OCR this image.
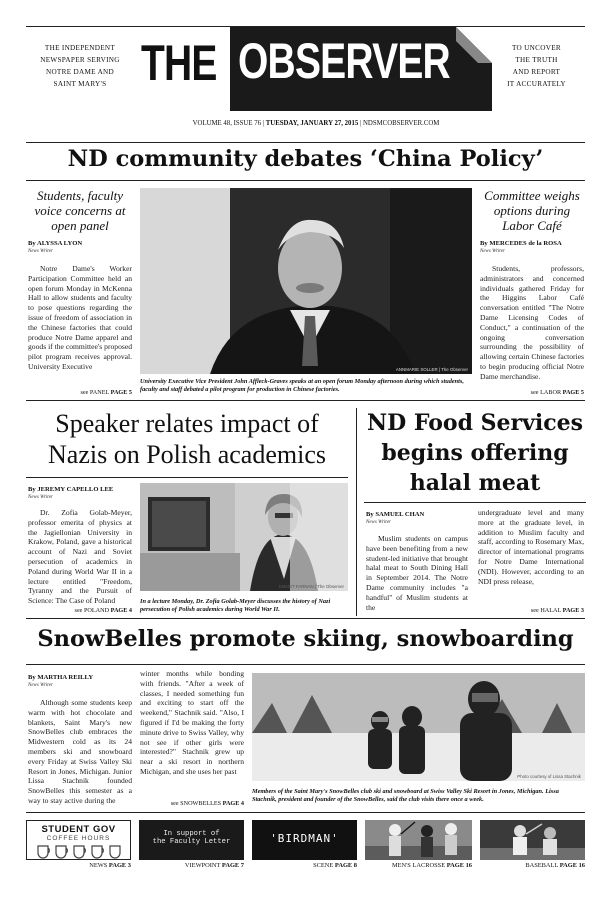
THE INDEPENDENT
NEWSPAPER SERVING
NOTRE DAME AND
SAINT MARY'S THE OBSERVER	TO UNCOVER
THE TRUTH
AND REPORT
IT ACCURATELY
VOLUME 48, ISSUE 76 | TUESDAY, JANUARY 27, 2015 | NDSMCOBSERVER.COM
ND community debates ‘China Policy’
Students, faculty voice concerns at open panel
By ALYSSA LYON
News Writer
Notre Dame's Worker Participation Committee held an open forum Monday in McKenna Hall to allow students and faculty to pose questions regarding the issue of freedom of association in the Chinese factories that could produce Notre Dame apparel and goods if the committee's proposed pilot program receives approval. University Executive
see PANEL PAGE 5
ANNMARIE SOLLER | The Observer
University Executive Vice President John Affleck-Graves speaks at an open forum Monday afternoon during which students, faculty and staff debated a pilot program for production in Chinese factories.
Committee weighs options during Labor Café
By MERCEDES de la ROSA
News Writer
Students, professors, administrators and concerned individuals gathered Friday for the Higgins Labor Café conversation entitled "The Notre Dame Licensing Codes of Conduct," a continuation of the ongoing conversation surrounding the possibility of allowing certain Chinese factories to begin producing official Notre Dame merchandise.
see LABOR PAGE 5
Speaker relates impact of Nazis on Polish academics
By JEREMY CAPELLO LEE
News Writer
Dr. Zofia Golab-Meyer, professor emerita of physics at the Jagiellonian University in Krakow, Poland, gave a historical account of Nazi and Soviet persecution of academics in Poland during World War II in a lecture entitled "Freedom, Tyranny and the Pursuit of Science: The Case of Poland
see POLAND PAGE 4
EMMET FARNAN | The Observer
In a lecture Monday, Dr. Zofia Golab-Meyer discusses the history of Nazi persecution of Polish academics during World War II.
ND Food Services begins offering halal meat
By SAMUEL CHAN
News Writer
Muslim students on campus have been benefiting from a new student-led initiative that brought halal meat to South Dining Hall in September 2014. The Notre Dame community includes "a handful" of Muslim students at the
undergraduate level and many more at the graduate level, in addition to Muslim faculty and staff, according to Rosemary Max, director of international programs for Notre Dame International (NDI). However, according to an NDI press release,
see HALAL PAGE 3
SnowBelles promote skiing, snowboarding
By MARTHA REILLY
News Writer
Although some students keep warm with hot chocolate and blankets, Saint Mary's new SnowBelles club embraces the Midwestern cold as its 24 members ski and snowboard every Friday at Swiss Valley Ski Resort in Jones, Michigan. Junior Lissa Stachnik founded SnowBelles this semester as a way to stay active during the
winter months while bonding with friends. "After a week of classes, I needed something fun and exciting to start off the weekend," Stachnik said. "Also, I figured if I'd be making the forty minute drive to Swiss Valley, why not see if other girls were interested?" Stachnik grew up near a ski resort in northern Michigan, and she uses her past
see SNOWBELLES PAGE 4
Photo courtesy of Lissa Stachnik
Members of the Saint Mary's SnowBelles club ski and snowboard at Swiss Valley Ski Resort in Jones, Michigan. Lissa Stachnik, president and founder of the SnowBelles, said the club visits there once a week.
STUDENT GOV
COFFEE HOURS
NEWS PAGE 3
In support of
the Faculty Letter
VIEWPOINT PAGE 7
'BIRDMAN'
SCENE PAGE 8	MEN'S LACROSSE PAGE 16	BASEBALL PAGE 16
